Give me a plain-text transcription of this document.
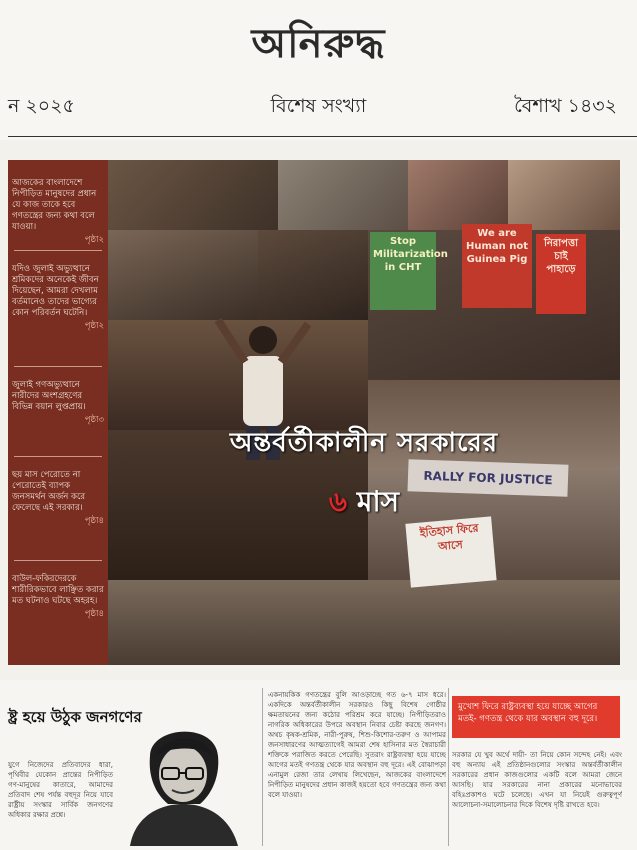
অনিরুদ্ধ
ন ২০২৫	বিশেষ সংখ্যা	বৈশাখ ১৪৩২
আজকের বাংলাদেশে নিপীড়িত মানুষদের প্রধান যে কাজ তাকে হবে গণতন্ত্রের জন্য কথা বলে যাওয়া।
পৃষ্ঠা২
যদিও জুলাই অভ্যুত্থানে শ্রমিকদের অনেকেই জীবন দিয়েছেন, আমরা দেখলাম বর্তমানেও তাদের ভাগ্যের কোন পরিবর্তন ঘটেনি।
পৃষ্ঠা২
জুলাই গণঅভ্যুত্থানে নারীদের অংশগ্রহণের বিভিন্ন বয়ান লুপ্তপ্রায়।
পৃষ্ঠা৩
ছয় মাস পেরোতে না পেরোতেই ব্যাপক জনসমর্থন অর্জন করে ফেলেছে এই সরকার।
পৃষ্ঠা৪
বাউল-ফকিরদেরকে শারীরিকভাবে লাঞ্ছিত করার মত ঘটনাও ঘটছে অহরহ।
পৃষ্ঠা৪
Stop Militarization in CHT
We are Human not Guinea Pig
নিরাপত্তা চাই পাহাড়ে
RALLY FOR JUSTICE
ইতিহাস ফিরে আসে
অন্তর্বর্তীকালীন সরকারের
৬ মাস
ষ্ট্র হয়ে উঠুক জনগণের
যুগে নিজেদের প্রতিবাদের ধারা, পৃথিবীর যেকোন প্রান্তের নিপীড়িত গণ-মানুষের কাতারে, আমাদের প্রতিবাদ শেষ পর্যন্ত বহুদূর নিয়ে যাবে রাষ্ট্রীয় সংস্কার সার্বিক জনগণের অধিকার রক্ষার প্রশ্নে।
একনায়কিক গণতন্ত্রের বুলি আওড়াচ্ছে গত ৬-৭ মাস ধরে। একদিকে অন্তর্বর্তীকালীন সরকারও কিছু বিশেষ গোষ্ঠীর ক্ষমতায়নের জন্য কঠোর পরিশ্রম করে যাচ্ছে। নিপীড়িতরাও নাগরিক অধিকারের উপরে অবস্থান নিবার চেষ্টা করছে জনগণ। অথচ কৃষক-শ্রমিক, নারী-পুরুষ, শিশু-কিশোর-তরুণ ও আপামর জনসাধারণের আত্মত্যাগেই আমরা শেষ হাসিনার মত স্বৈরাচারী শক্তিকে পরাজিত করতে পেরেছি। সুতরাং রাষ্ট্রব্যবস্থা হয়ে যাচ্ছে আগের মতই গণতন্ত্র থেকে যার অবস্থান বহু দূরে। এই বোঝাপড়া এনামুল রেজা তার লেখায় লিখেছেন, আজকের বাংলাদেশে নিপীড়িত মানুষদের প্রধান কাজই হয়তো হবে গণতন্ত্রের জন্য কথা বলে যাওয়া।
মুখোশ ফিরে রাষ্ট্রব্যবস্থা হয়ে যাচ্ছে আগের মতই- গণতন্ত্র থেকে যার অবস্থান বহু দূরে।
সরকার যে খুব অর্থে দায়ী- তা নিয়ে কোন সন্দেহ নেই। এবং বহু অন্যায় এই প্রতিষ্ঠানগুলোর সংস্কার অন্তর্বর্তীকালীন সরকারের প্রধান কাজগুলোর একটি বলে আমরা জেনে আসছি। যার সরকারের নানা প্রকারের মনোভাবের বহিঃপ্রকাশও ঘটে চলেছে। এখন যা নিয়েই গুরুত্বপূর্ণ আলোচনা-সমালোচনার দিকে বিশেষ দৃষ্টি রাখতে হবে।
